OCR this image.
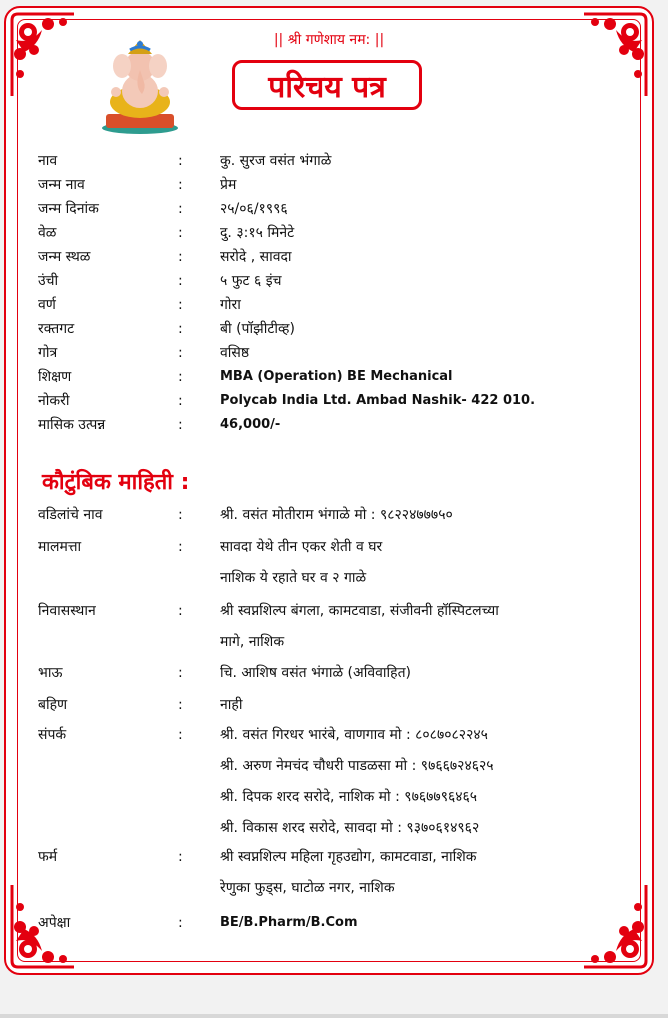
|| श्री गणेशाय नम: ||
परिचय पत्र
नाव	:	कु. सुरज वसंत भंगाळे
जन्म नाव	:	प्रेम
जन्म दिनांक	:	२५/०६/१९९६
वेळ	:	दु. ३:१५ मिनेटे
जन्म स्थळ	:	सरोदे , सावदा
उंची	:	५ फुट ६ इंच
वर्ण	:	गोरा
रक्तगट	:	बी (पॉझीटीव्ह)
गोत्र	:	वसिष्ठ
शिक्षण	:	MBA (Operation) BE Mechanical
नोकरी	:	Polycab India Ltd. Ambad Nashik- 422 010.
मासिक उत्पन्न	:	46,000/-
कौटुंबिक माहिती :
वडिलांचे नाव	:	श्री. वसंत मोतीराम भंगाळे मो : ९८२२४७७७५०
मालमत्ता	:	सावदा येथे तीन एकर शेती व घर
नाशिक ये रहाते घर व २ गाळे
निवासस्थान	:	श्री स्वप्नशिल्प बंगला, कामटवाडा, संजीवनी हॉस्पिटलच्या
मागे, नाशिक
भाऊ	:	चि. आशिष वसंत भंगाळे (अविवाहित)
बहिण	:	नाही
संपर्क	:	श्री. वसंत गिरधर भारंबे, वाणगाव मो : ८०८७०८२२४५
श्री. अरुण नेमचंद चौधरी पाडळसा मो : ९७६६७२४६२५
श्री. दिपक शरद सरोदे, नाशिक मो : ९७६७७९६४६५
श्री. विकास शरद सरोदे, सावदा मो : ९३७०६१४९६२
फर्म	:	श्री स्वप्नशिल्प महिला गृहउद्योग, कामटवाडा, नाशिक
रेणुका फुड्स, घाटोळ नगर, नाशिक
अपेक्षा	:	BE/B.Pharm/B.Com
